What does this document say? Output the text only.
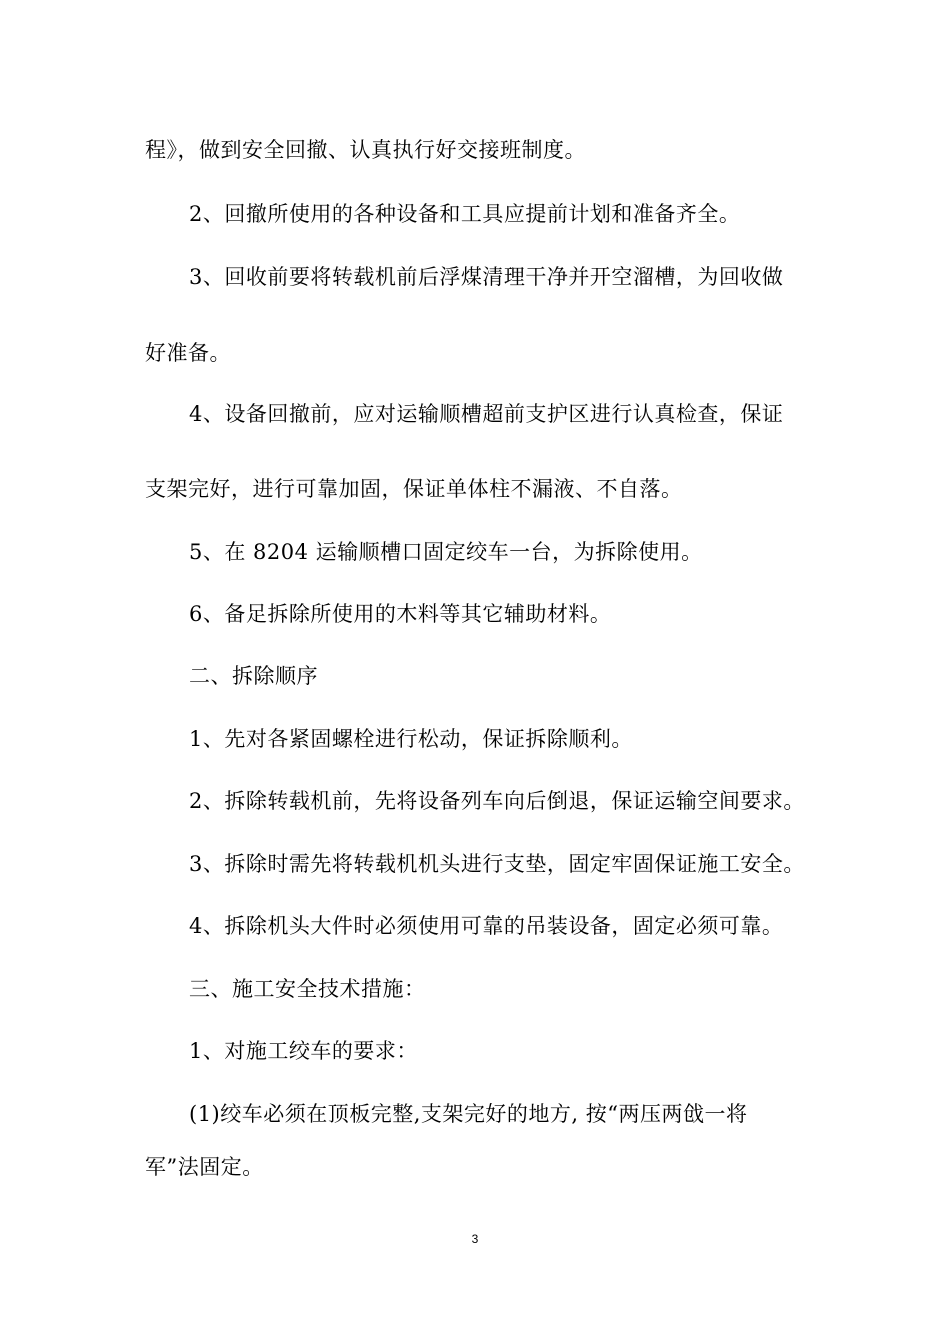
程》，做到安全回撤、认真执行好交接班制度。
2、回撤所使用的各种设备和工具应提前计划和准备齐全。
3、回收前要将转载机前后浮煤清理干净并开空溜槽，为回收做
好准备。
4、设备回撤前，应对运输顺槽超前支护区进行认真检查，保证
支架完好，进行可靠加固，保证单体柱不漏液、不自落。
5、在 8204 运输顺槽口固定绞车一台，为拆除使用。
6、备足拆除所使用的木料等其它辅助材料。
二、拆除顺序
1、先对各紧固螺栓进行松动，保证拆除顺利。
2、拆除转载机前，先将设备列车向后倒退，保证运输空间要求。
3、拆除时需先将转载机机头进行支垫，固定牢固保证施工安全。
4、拆除机头大件时必须使用可靠的吊装设备，固定必须可靠。
三、施工安全技术措施：
1、对施工绞车的要求：
(1)绞车必须在顶板完整,支架完好的地方, 按“两压两戗一将
军”法固定。
3
